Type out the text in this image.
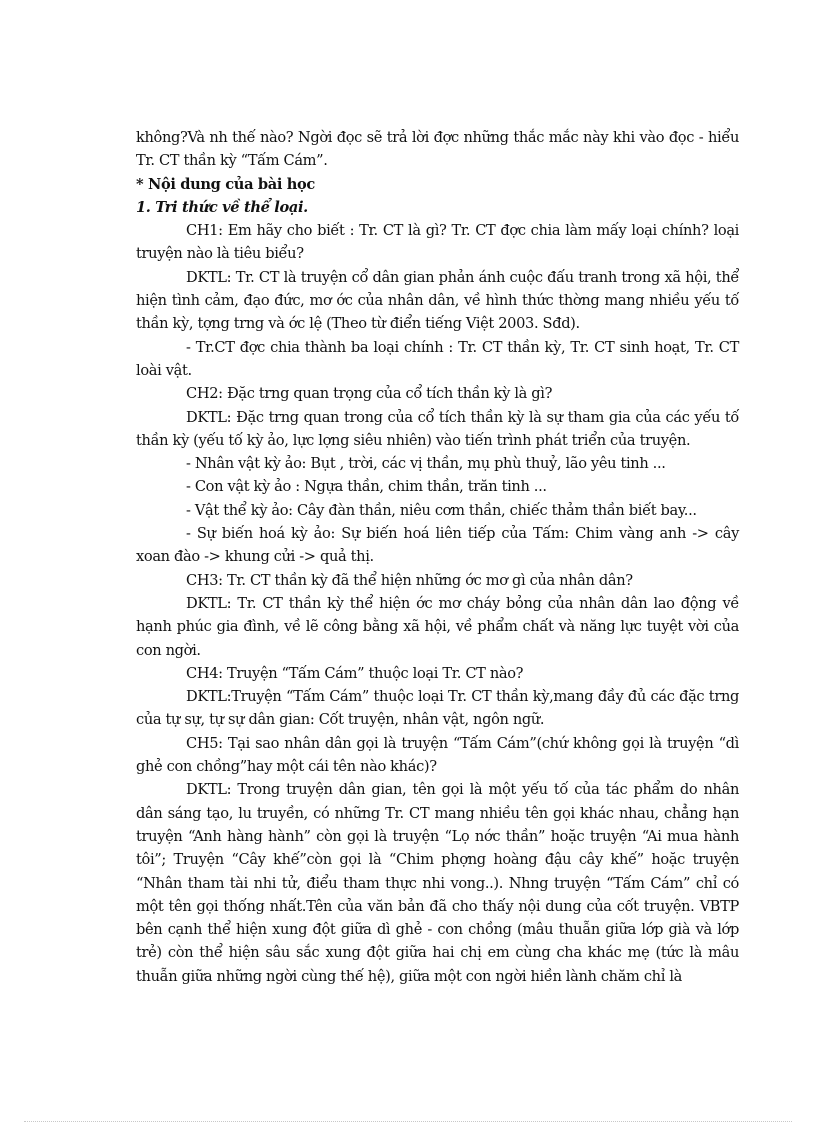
không?Và nh thế nào? Ngời đọc sẽ trả lời đợc những thắc mắc này khi vào đọc - hiểu Tr. CT thần kỳ “Tấm Cám”.

* Nội dung của bài học

1. Tri thức về thể loại.

CH1: Em hãy cho biết : Tr. CT là gì? Tr. CT đợc chia làm mấy loại chính? loại truyện nào là tiêu biểu?

DKTL: Tr. CT là truyện cổ dân gian phản ánh cuộc đấu tranh trong xã hội, thể hiện tình cảm, đạo đức, mơ ớc của nhân dân, về hình thức thờng mang nhiều yếu tố thần kỳ, tợng trng và ớc lệ (Theo từ điển tiếng Việt 2003. Sđd).

- Tr.CT đợc chia thành ba loại chính : Tr. CT thần kỳ, Tr. CT sinh hoạt, Tr. CT loài vật.

CH2: Đặc trng quan trọng của cổ tích thần kỳ là gì?

DKTL: Đặc trng quan trong của cổ tích thần kỳ là sự tham gia của các yếu tố thần kỳ (yếu tố kỳ ảo, lực lợng siêu nhiên) vào tiến trình phát triển của truyện.

- Nhân vật kỳ ảo: Bụt , trời, các vị thần, mụ phù thuỷ, lão yêu tinh ...

- Con vật kỳ ảo : Ngựa thần, chim thần, trăn tinh ...

- Vật thể kỳ ảo: Cây đàn thần, niêu cơm thần, chiếc thảm thần biết bay...

- Sự biến hoá kỳ ảo: Sự biến hoá liên tiếp của Tấm: Chim vàng anh -> cây xoan đào -> khung cửi -> quả thị.

CH3: Tr. CT thần kỳ đã thể hiện những ớc mơ gì của nhân dân?

DKTL: Tr. CT thần kỳ thể hiện ớc mơ cháy bỏng của nhân dân lao động về hạnh phúc gia đình, về lẽ công bằng xã hội, về phẩm chất và năng lực tuyệt vời của con ngời.

CH4: Truyện “Tấm Cám” thuộc loại Tr. CT nào?

DKTL:Truyện “Tấm Cám” thuộc loại Tr. CT thần kỳ,mang đầy đủ các đặc trng của tự sự, tự sự dân gian: Cốt truyện, nhân vật, ngôn ngữ.

CH5: Tại sao nhân dân gọi là truyện “Tấm Cám”(chứ không gọi là truyện “dì ghẻ con chồng”hay một cái tên nào khác)?

DKTL: Trong truyện dân gian, tên gọi là một yếu tố của tác phẩm do nhân dân sáng tạo, lu truyền, có những Tr. CT mang nhiều tên gọi khác nhau, chẳng hạn truyện “Anh hàng hành” còn gọi là truyện “Lọ nớc thần” hoặc truyện “Ai mua hành tôi”; Truyện “Cây khế”còn gọi là “Chim phợng hoàng đậu cây khế” hoặc truyện “Nhân tham tài nhi tử, điểu tham thực nhi vong..). Nhng truyện “Tấm Cám” chỉ có một tên gọi thống nhất.Tên của văn bản đã cho thấy nội dung của cốt truyện. VBTP bên cạnh thể hiện xung đột giữa dì ghẻ - con chồng (mâu thuẫn giữa lớp già và lớp trẻ) còn thể hiện sâu sắc xung đột giữa hai chị em cùng cha khác mẹ (tức là mâu thuẫn giữa những ngời cùng thế hệ), giữa một con ngời hiền lành chăm chỉ là
